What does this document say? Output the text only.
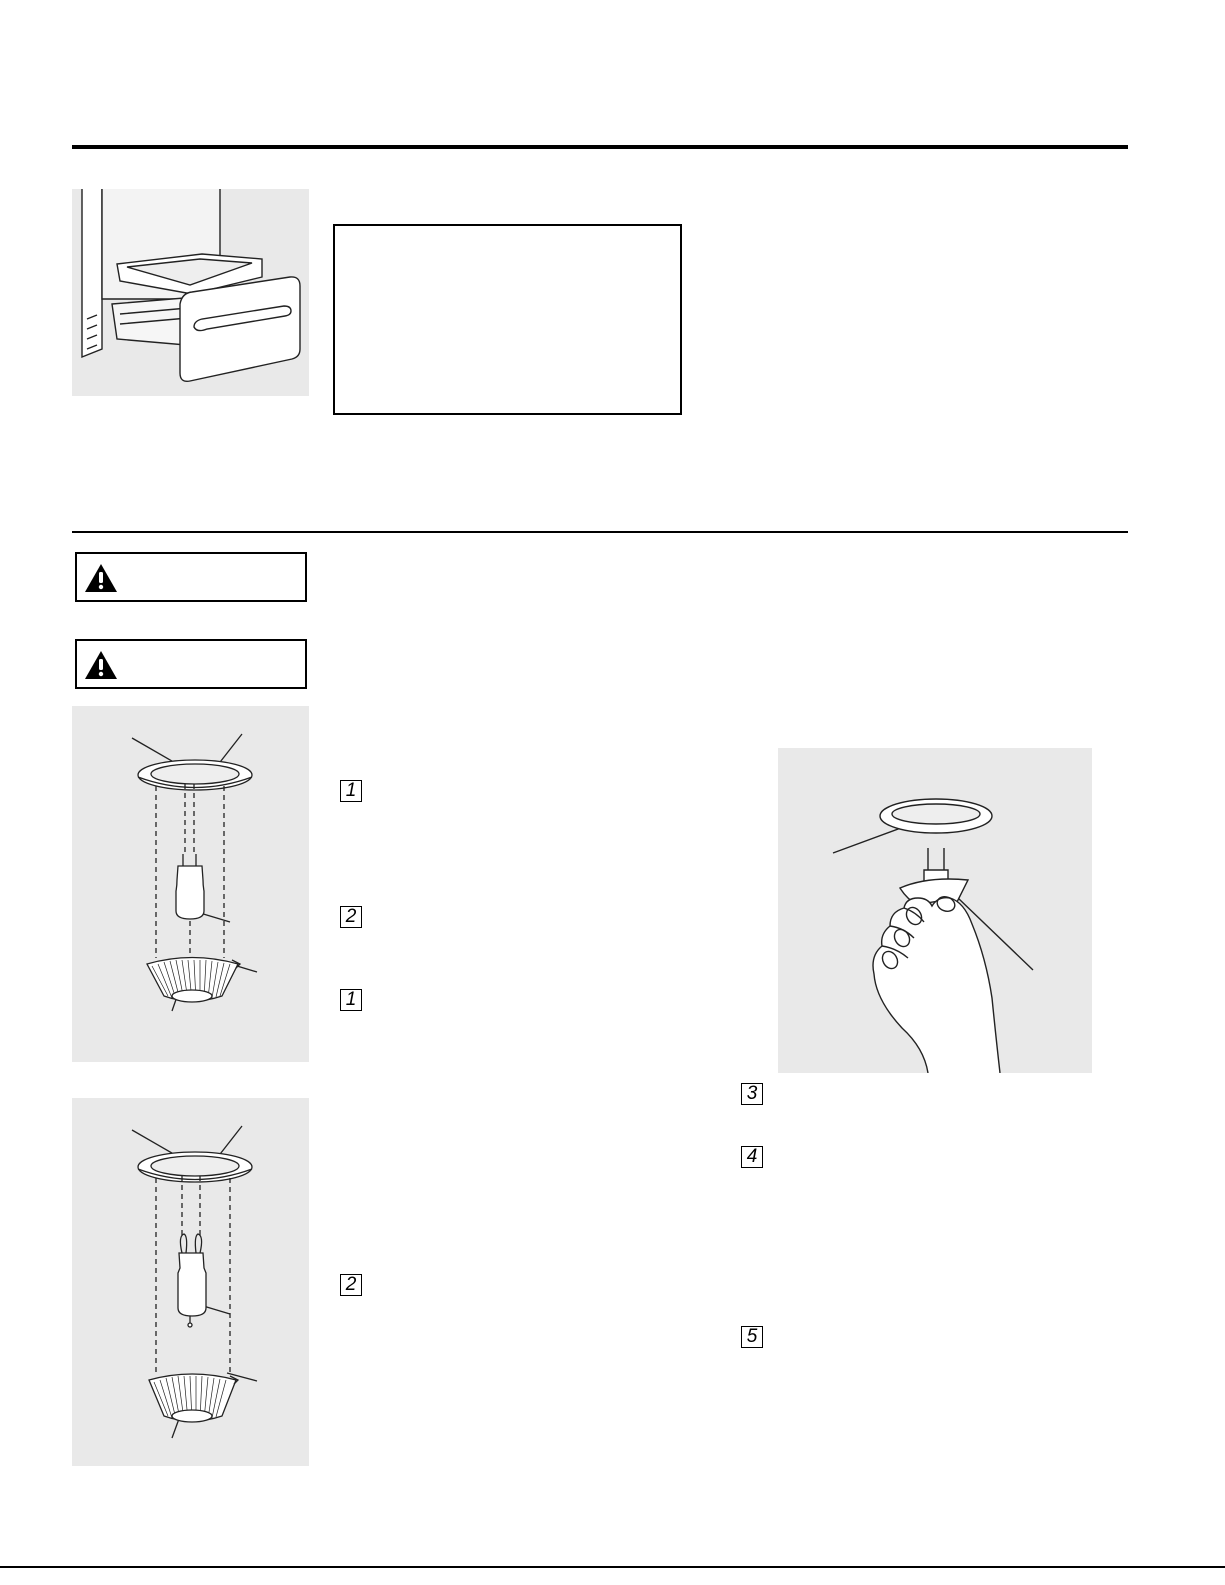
1
2
1
2
3
4
5
